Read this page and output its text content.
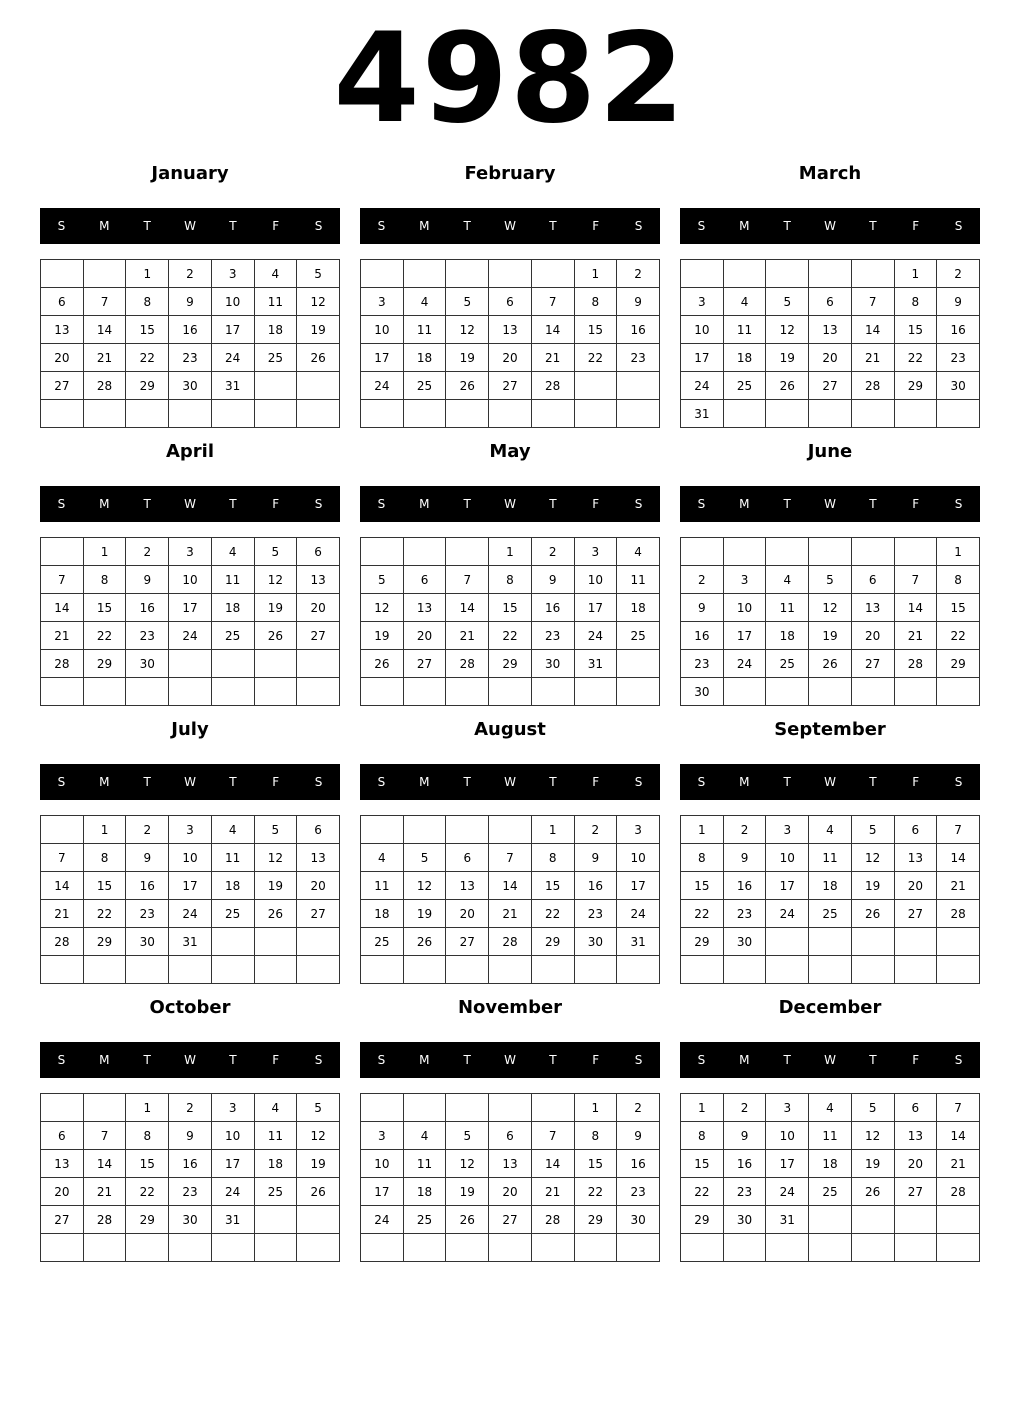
4982
January
S	M	T	W	T	F	S
		1	2	3	4	5
6	7	8	9	10	11	12
13	14	15	16	17	18	19
20	21	22	23	24	25	26
27	28	29	30	31		

February
S	M	T	W	T	F	S
					1	2
3	4	5	6	7	8	9
10	11	12	13	14	15	16
17	18	19	20	21	22	23
24	25	26	27	28		

March
S	M	T	W	T	F	S
					1	2
3	4	5	6	7	8	9
10	11	12	13	14	15	16
17	18	19	20	21	22	23
24	25	26	27	28	29	30
31						
April
S	M	T	W	T	F	S
	1	2	3	4	5	6
7	8	9	10	11	12	13
14	15	16	17	18	19	20
21	22	23	24	25	26	27
28	29	30				

May
S	M	T	W	T	F	S
			1	2	3	4
5	6	7	8	9	10	11
12	13	14	15	16	17	18
19	20	21	22	23	24	25
26	27	28	29	30	31	

June
S	M	T	W	T	F	S
						1
2	3	4	5	6	7	8
9	10	11	12	13	14	15
16	17	18	19	20	21	22
23	24	25	26	27	28	29
30						
July
S	M	T	W	T	F	S
	1	2	3	4	5	6
7	8	9	10	11	12	13
14	15	16	17	18	19	20
21	22	23	24	25	26	27
28	29	30	31			

August
S	M	T	W	T	F	S
				1	2	3
4	5	6	7	8	9	10
11	12	13	14	15	16	17
18	19	20	21	22	23	24
25	26	27	28	29	30	31

September
S	M	T	W	T	F	S
1	2	3	4	5	6	7
8	9	10	11	12	13	14
15	16	17	18	19	20	21
22	23	24	25	26	27	28
29	30					

October
S	M	T	W	T	F	S
		1	2	3	4	5
6	7	8	9	10	11	12
13	14	15	16	17	18	19
20	21	22	23	24	25	26
27	28	29	30	31		

November
S	M	T	W	T	F	S
					1	2
3	4	5	6	7	8	9
10	11	12	13	14	15	16
17	18	19	20	21	22	23
24	25	26	27	28	29	30

December
S	M	T	W	T	F	S
1	2	3	4	5	6	7
8	9	10	11	12	13	14
15	16	17	18	19	20	21
22	23	24	25	26	27	28
29	30	31				
